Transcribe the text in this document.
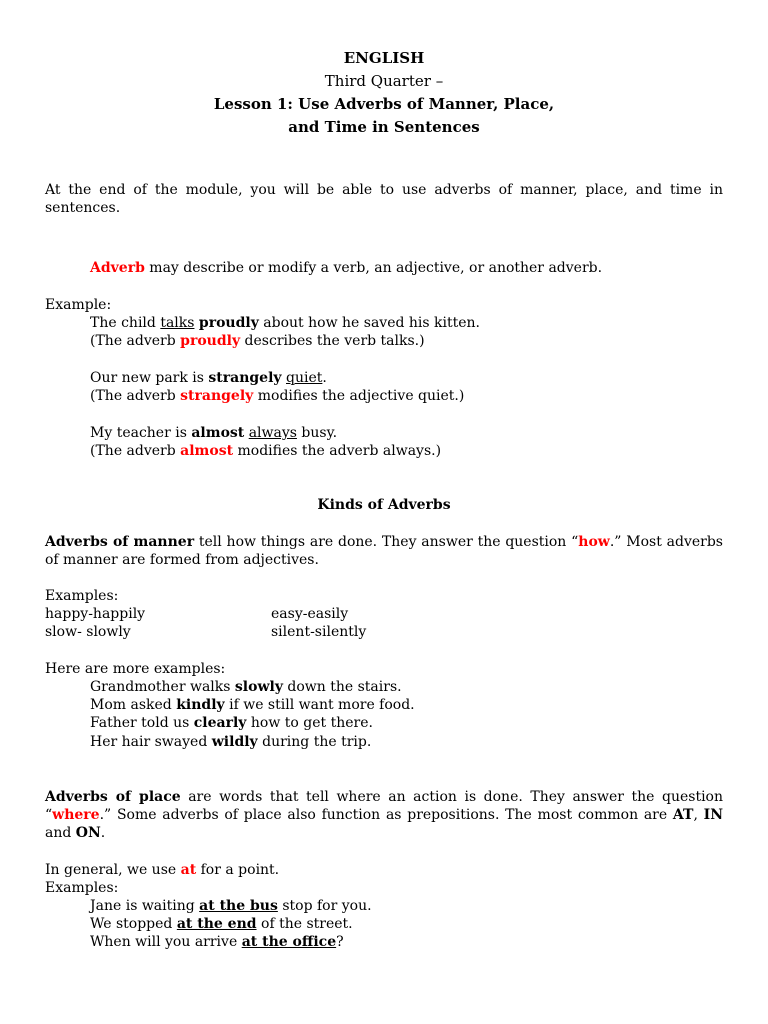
ENGLISH
Third Quarter –
Lesson 1: Use Adverbs of Manner, Place,
and Time in Sentences
At the end of the module, you will be able to use adverbs of manner, place, and time in sentences.
Adverb may describe or modify a verb, an adjective, or another adverb.
Example:
The child talks proudly about how he saved his kitten.
(The adverb proudly describes the verb talks.)
Our new park is strangely quiet.
(The adverb strangely modifies the adjective quiet.)
My teacher is almost always busy.
(The adverb almost modifies the adverb always.)
Kinds of Adverbs
Adverbs of manner tell how things are done. They answer the question “how.” Most adverbs of manner are formed from adjectives.
Examples:
happy-happily	easy-easily
slow- slowly	silent-silently
Here are more examples:
Grandmother walks slowly down the stairs.
Mom asked kindly if we still want more food.
Father told us clearly how to get there.
Her hair swayed wildly during the trip.
Adverbs of place are words that tell where an action is done. They answer the question “where.” Some adverbs of place also function as prepositions. The most common are AT, IN and ON.
In general, we use at for a point.
Examples:
Jane is waiting at the bus stop for you.
We stopped at the end of the street.
When will you arrive at the office?
